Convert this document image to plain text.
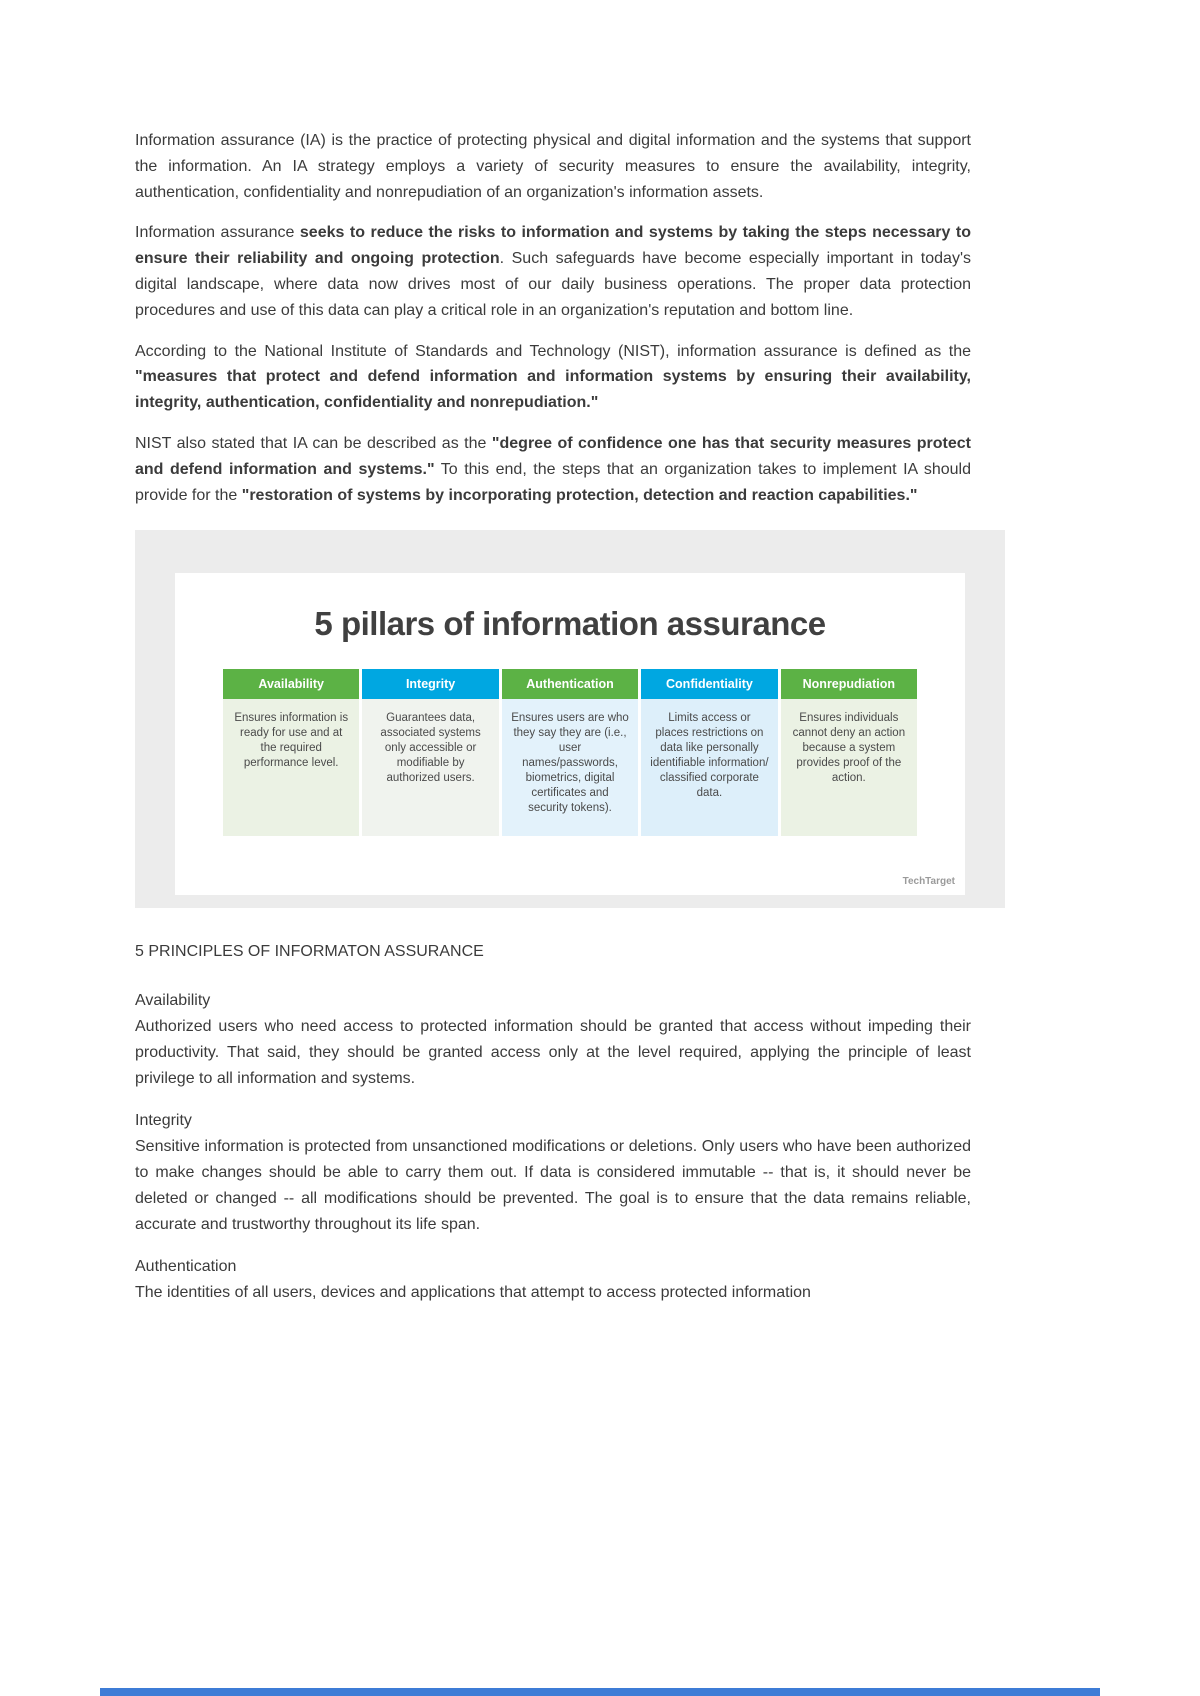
Information assurance (IA) is the practice of protecting physical and digital information and the systems that support the information. An IA strategy employs a variety of security measures to ensure the availability, integrity, authentication, confidentiality and nonrepudiation of an organization's information assets.

Information assurance seeks to reduce the risks to information and systems by taking the steps necessary to ensure their reliability and ongoing protection. Such safeguards have become especially important in today's digital landscape, where data now drives most of our daily business operations. The proper data protection procedures and use of this data can play a critical role in an organization's reputation and bottom line.

According to the National Institute of Standards and Technology (NIST), information assurance is defined as the "measures that protect and defend information and information systems by ensuring their availability, integrity, authentication, confidentiality and nonrepudiation."

NIST also stated that IA can be described as the "degree of confidence one has that security measures protect and defend information and systems." To this end, the steps that an organization takes to implement IA should provide for the "restoration of systems by incorporating protection, detection and reaction capabilities."

5 pillars of information assurance
Availability
Ensures information is ready for use and at the required performance level.
Integrity
Guarantees data, associated systems only accessible or modifiable by authorized users.
Authentication
Ensures users are who they say they are (i.e., user names/passwords, biometrics, digital certificates and security tokens).
Confidentiality
Limits access or places restrictions on data like personally identifiable information/ classified corporate data.
Nonrepudiation
Ensures individuals cannot deny an action because a system provides proof of the action.
TechTarget
5 PRINCIPLES OF INFORMATON ASSURANCE
Availability

Authorized users who need access to protected information should be granted that access without impeding their productivity. That said, they should be granted access only at the level required, applying the principle of least privilege to all information and systems.

Integrity

Sensitive information is protected from unsanctioned modifications or deletions. Only users who have been authorized to make changes should be able to carry them out. If data is considered immutable -- that is, it should never be deleted or changed -- all modifications should be prevented. The goal is to ensure that the data remains reliable, accurate and trustworthy throughout its life span.

Authentication

The identities of all users, devices and applications that attempt to access protected information
